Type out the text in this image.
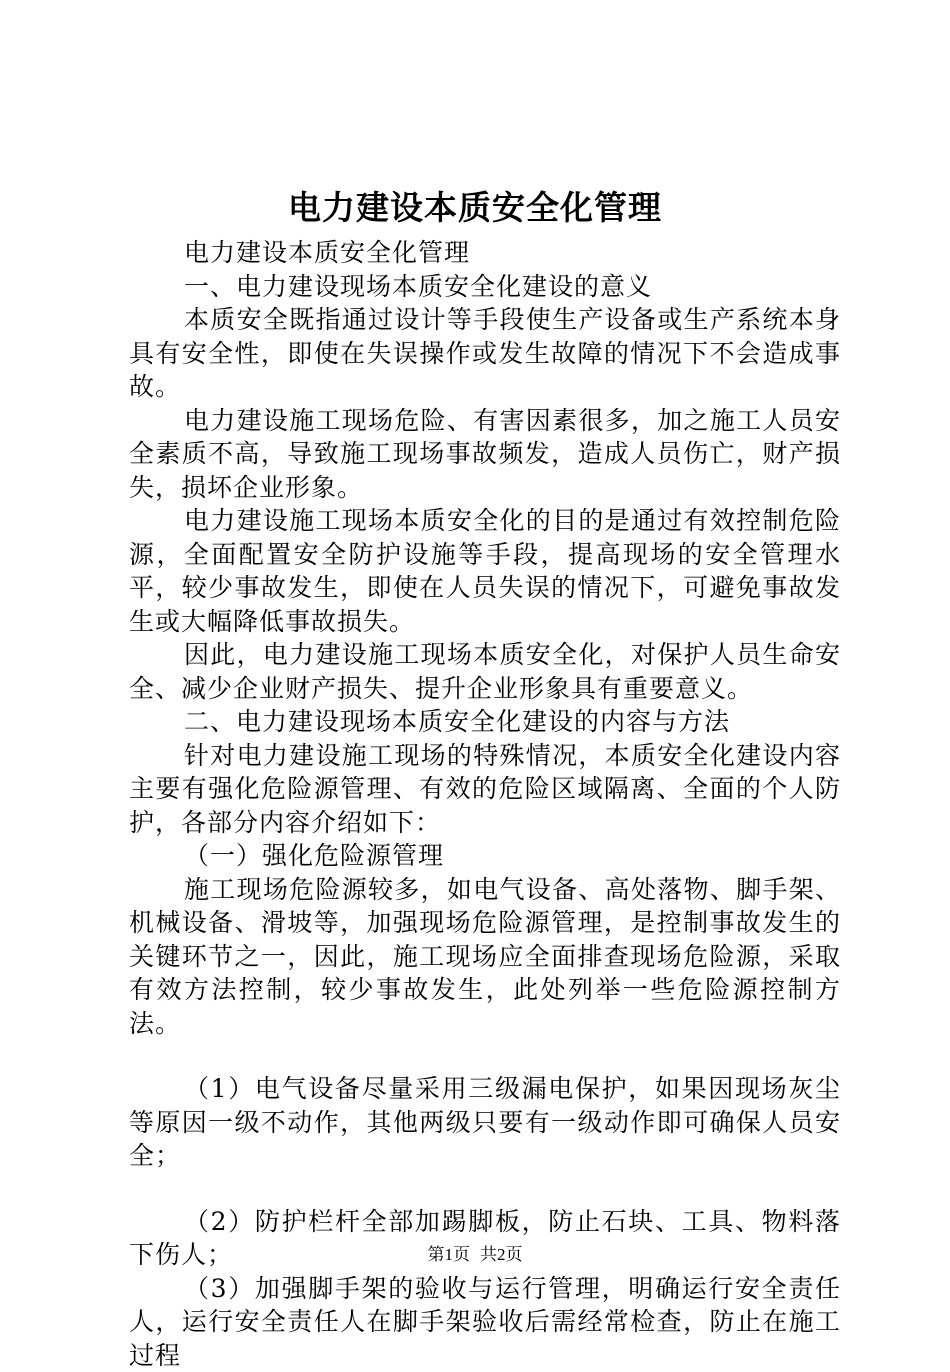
电力建设本质安全化管理

电力建设本质安全化管理

一、电力建设现场本质安全化建设的意义

本质安全既指通过设计等手段使生产设备或生产系统本身具有安全性，即使在失误操作或发生故障的情况下不会造成事故。

电力建设施工现场危险、有害因素很多，加之施工人员安全素质不高，导致施工现场事故频发，造成人员伤亡，财产损失，损坏企业形象。

电力建设施工现场本质安全化的目的是通过有效控制危险源，全面配置安全防护设施等手段，提高现场的安全管理水平，较少事故发生，即使在人员失误的情况下，可避免事故发生或大幅降低事故损失。

因此，电力建设施工现场本质安全化，对保护人员生命安全、减少企业财产损失、提升企业形象具有重要意义。

二、电力建设现场本质安全化建设的内容与方法

针对电力建设施工现场的特殊情况，本质安全化建设内容主要有强化危险源管理、有效的危险区域隔离、全面的个人防护，各部分内容介绍如下：

（一）强化危险源管理

施工现场危险源较多，如电气设备、高处落物、脚手架、机械设备、滑坡等，加强现场危险源管理，是控制事故发生的关键环节之一，因此，施工现场应全面排查现场危险源，采取有效方法控制，较少事故发生，此处列举一些危险源控制方法。

（1）电气设备尽量采用三级漏电保护，如果因现场灰尘等原因一级不动作，其他两级只要有一级动作即可确保人员安全；

（2）防护栏杆全部加踢脚板，防止石块、工具、物料落下伤人；

（3）加强脚手架的验收与运行管理，明确运行安全责任人，运行安全责任人在脚手架验收后需经常检查，防止在施工过程

第1页 共2页
